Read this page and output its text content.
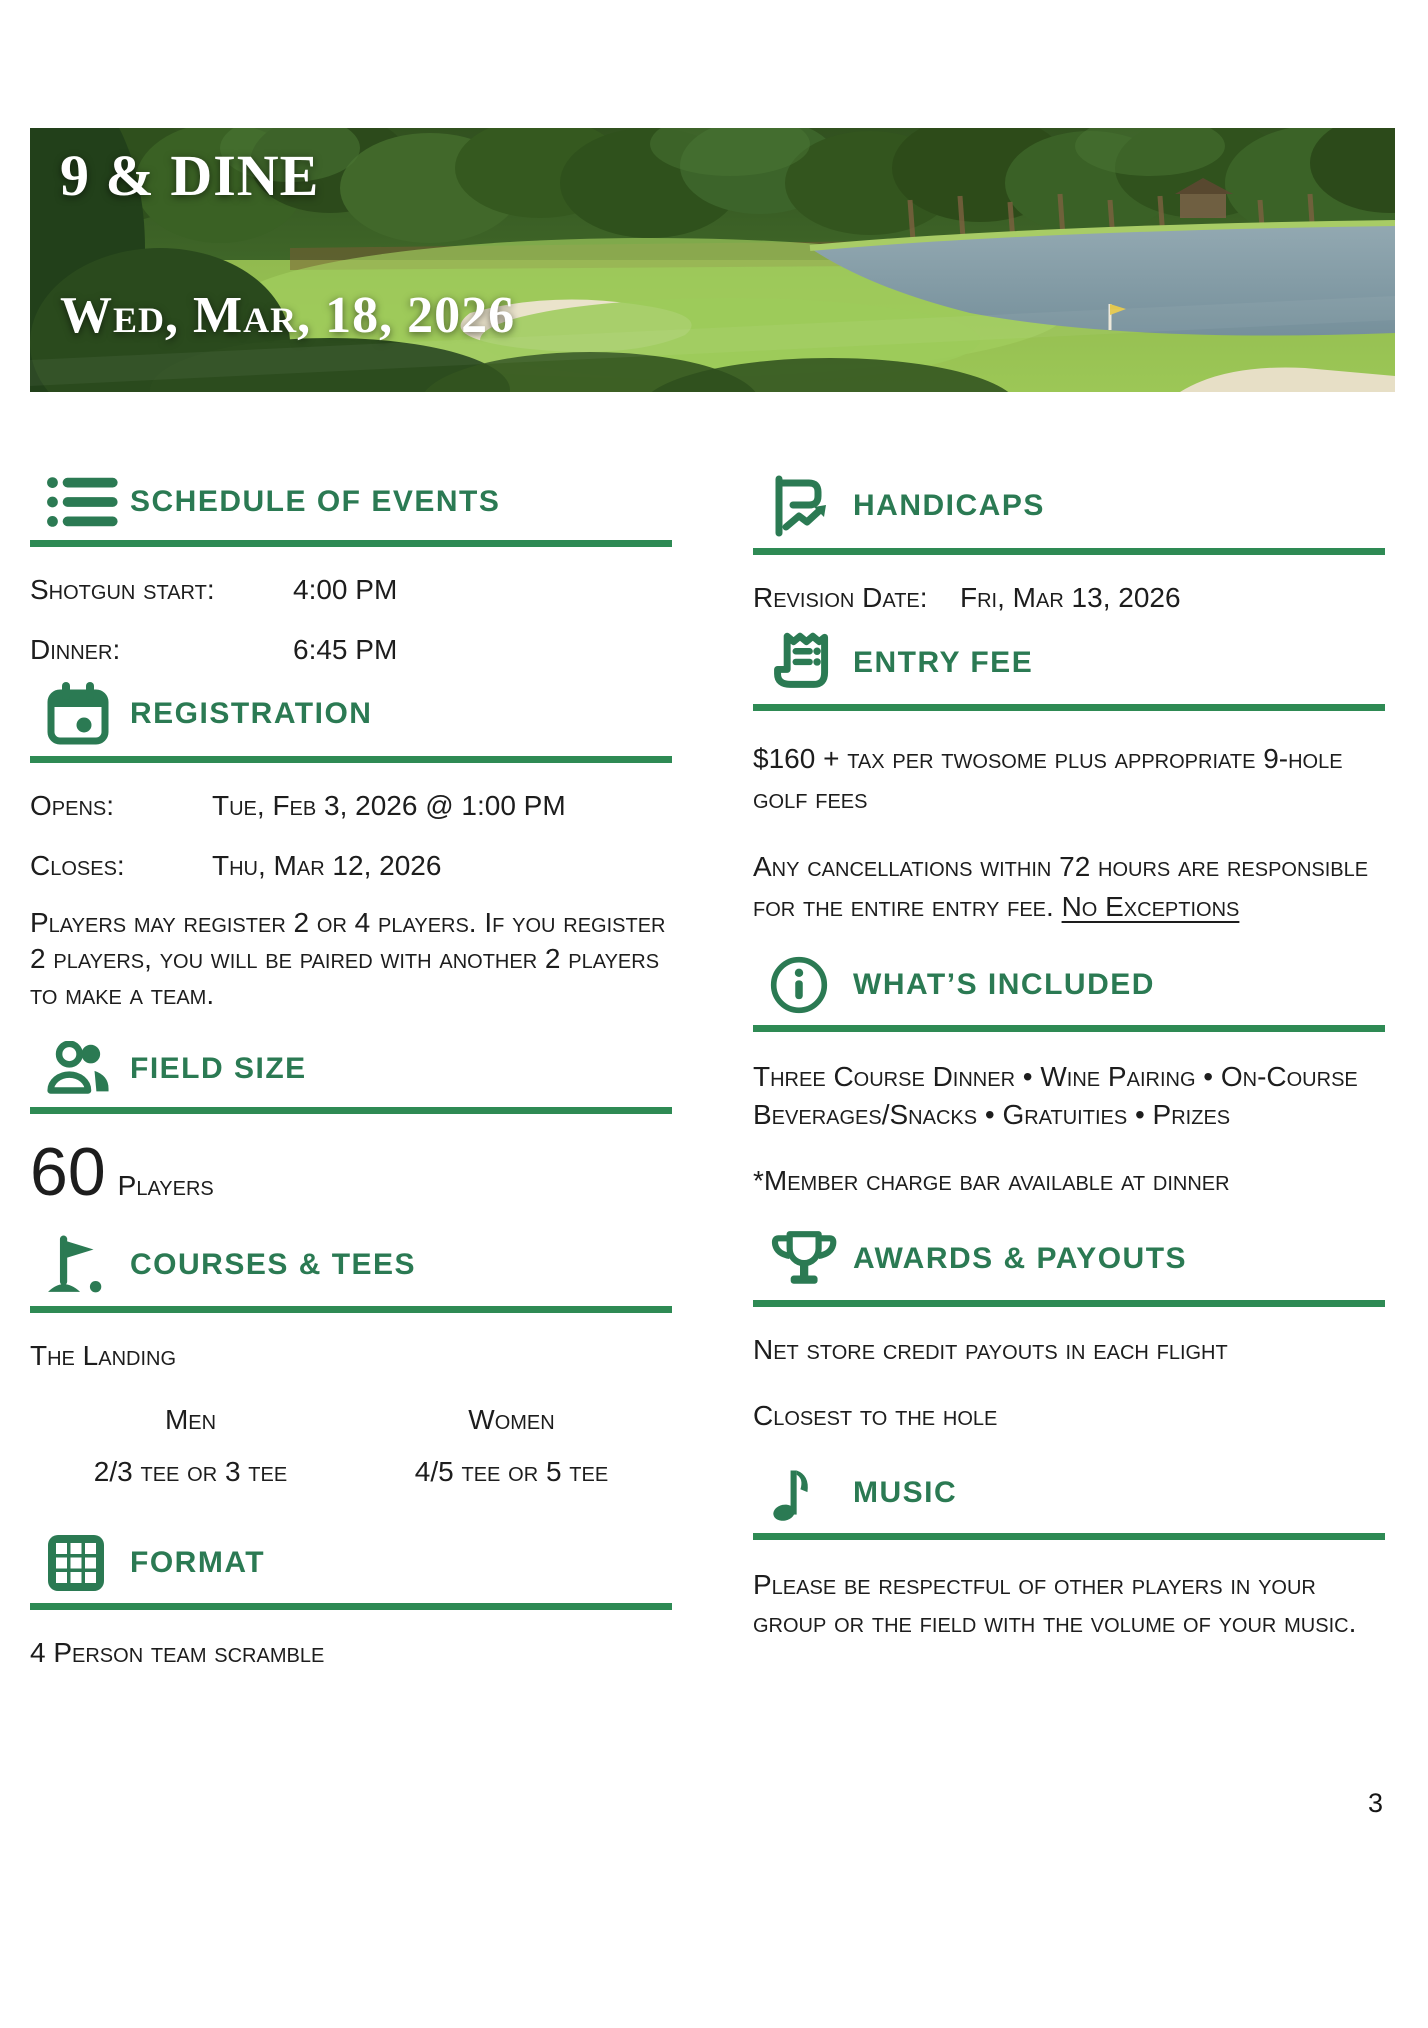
9 & DINE
Wed, Mar, 18, 2026
SCHEDULE OF EVENTS
Shotgun start:	4:00 PM
Dinner:	6:45 PM
REGISTRATION
Opens:	Tue, Feb 3, 2026 @ 1:00 PM
Closes:	Thu, Mar 12, 2026

Players may register 2 or 4 players. If you register 2 players, you will be paired with another 2 players to make a team.

FIELD SIZE
60 Players
COURSES & TEES

The Landing

Men	Women
2/3 tee or 3 tee	4/5 tee or 5 tee
FORMAT

4 Person team scramble

HANDICAPS
Revision Date:	Fri, Mar 13, 2026
ENTRY FEE

$160 + tax per twosome plus appropriate 9-hole golf fees

Any cancellations within 72 hours are responsible for the entire entry fee. No Exceptions

WHAT’S INCLUDED

Three Course Dinner • Wine Pairing • On-Course Beverages/Snacks • Gratuities • Prizes

*Member charge bar available at dinner

AWARDS & PAYOUTS

Net store credit payouts in each flight

Closest to the hole

MUSIC

Please be respectful of other players in your group or the field with the volume of your music.

3
